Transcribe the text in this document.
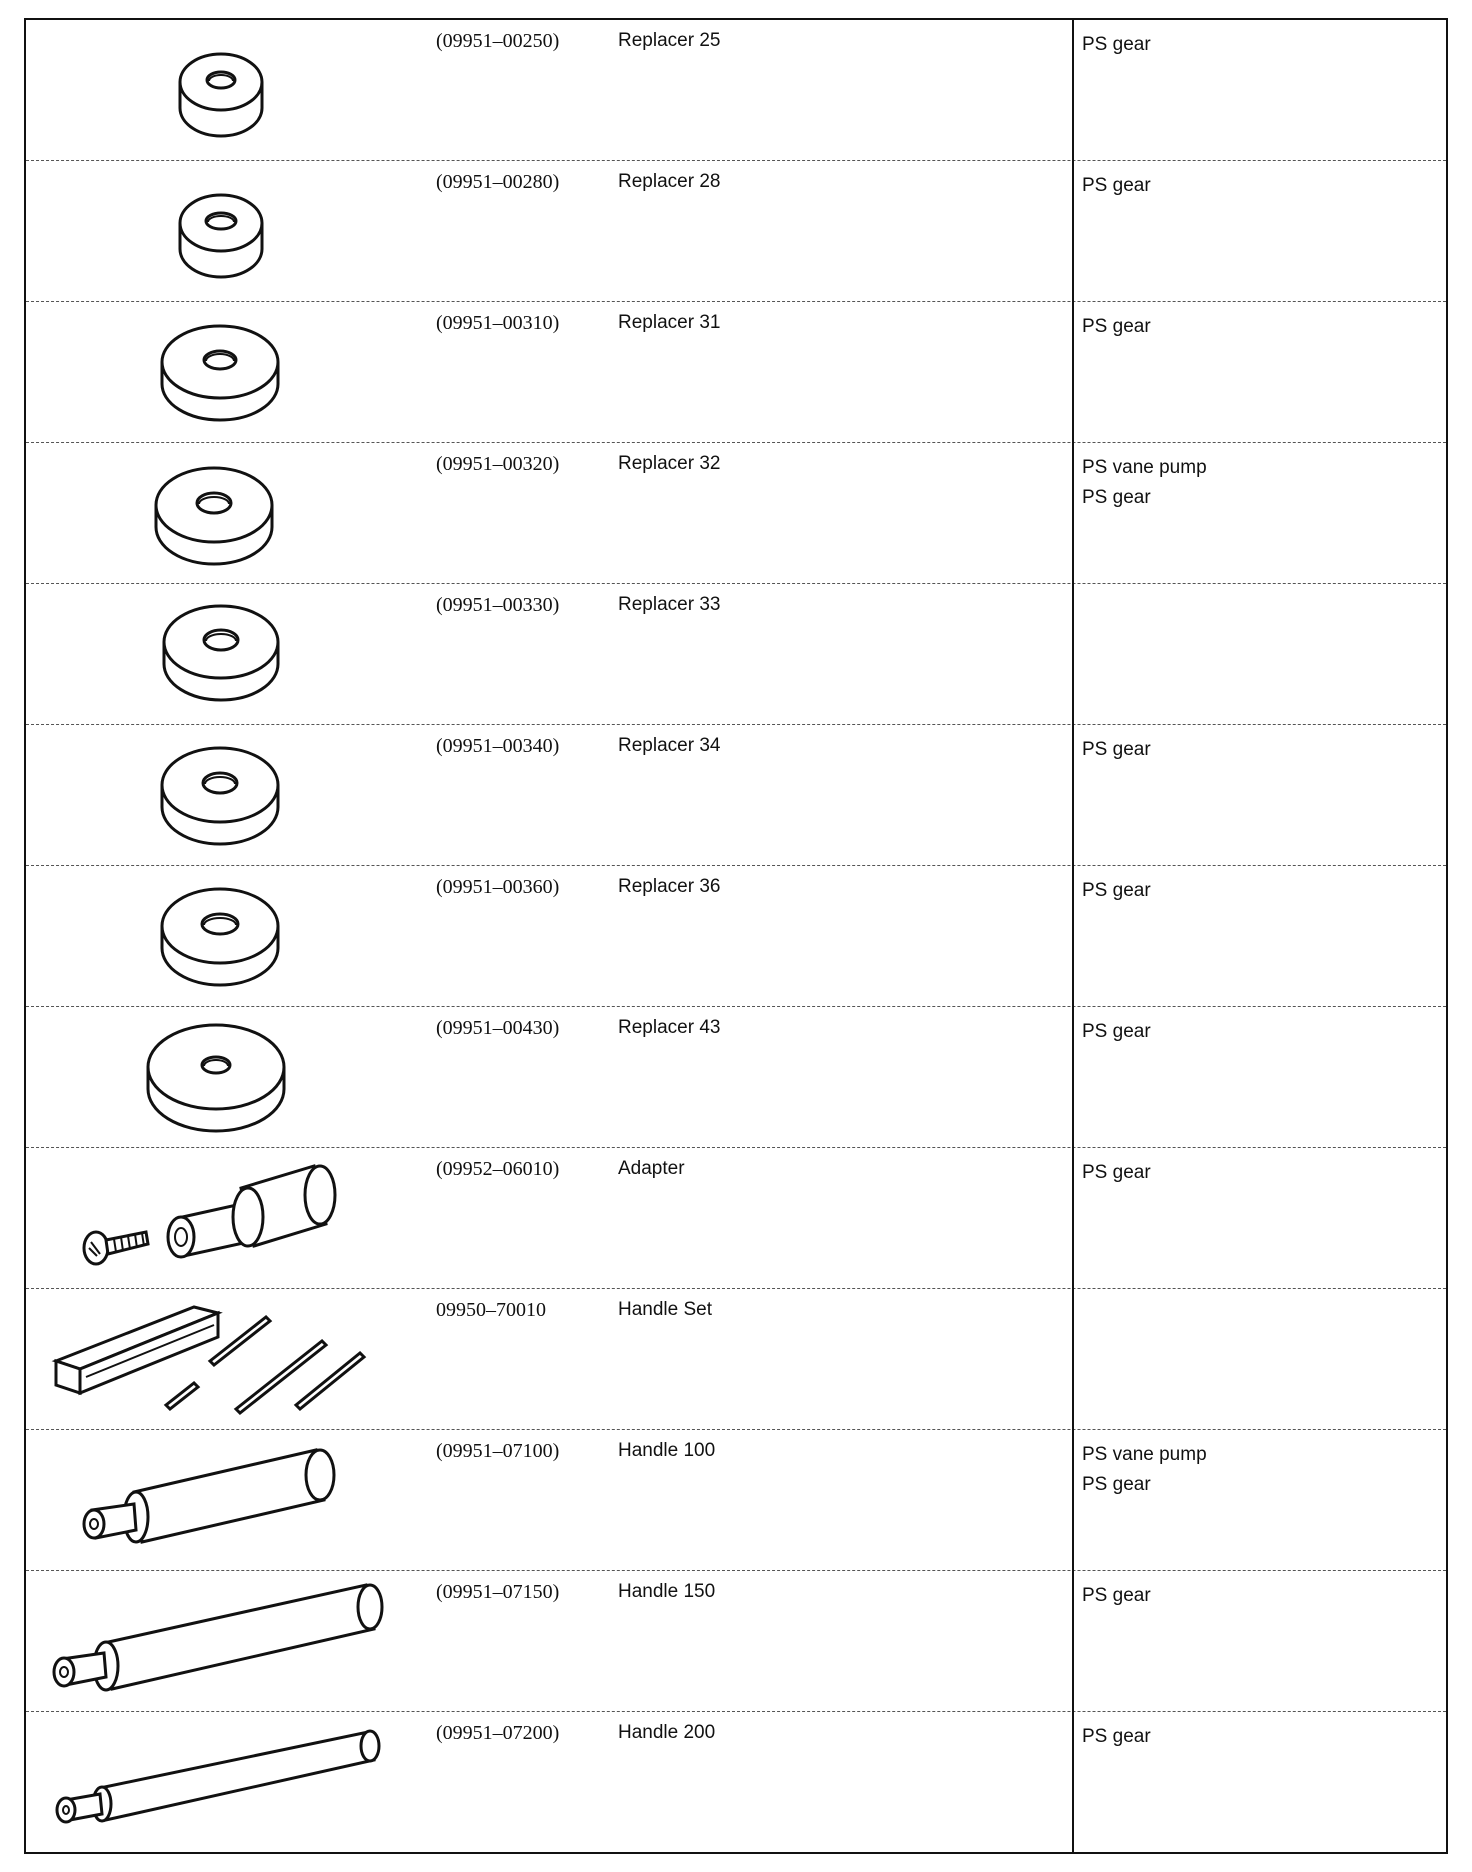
(09951–00250)	Replacer 25	PS gear
(09951–00280)	Replacer 28	PS gear
(09951–00310)	Replacer 31	PS gear
(09951–00320)	Replacer 32	PS vane pump
PS gear
(09951–00330)	Replacer 33
(09951–00340)	Replacer 34	PS gear
(09951–00360)	Replacer 36	PS gear
(09951–00430)	Replacer 43	PS gear
(09952–06010)	Adapter	PS gear
09950–70010	Handle Set
(09951–07100)	Handle 100	PS vane pump
PS gear
(09951–07150)	Handle 150	PS gear
(09951–07200)	Handle 200	PS gear
